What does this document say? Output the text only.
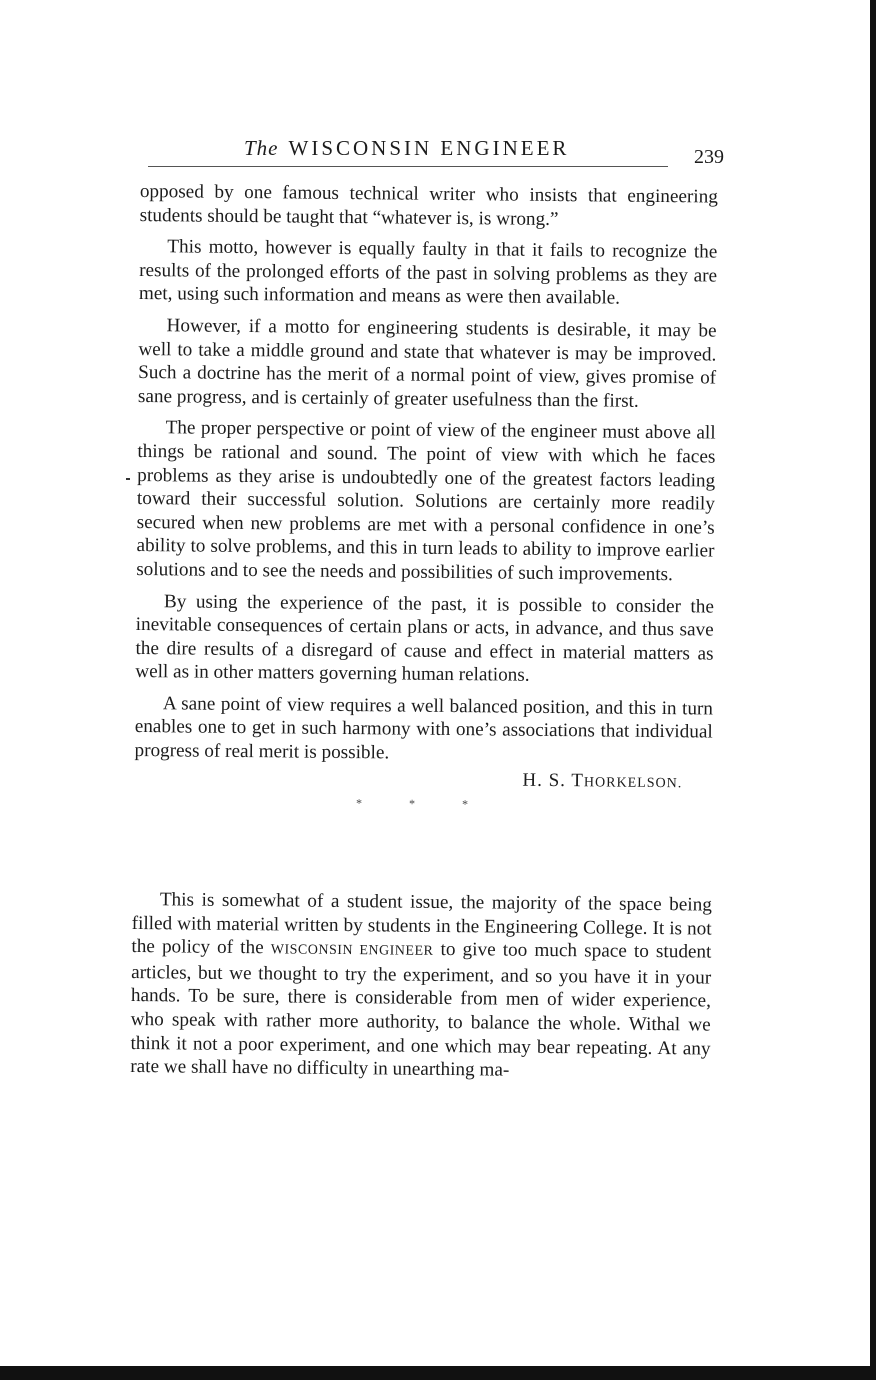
The WISCONSIN ENGINEER	239

opposed by one famous technical writer who insists that engineering students should be taught that “whatever is, is wrong.”

This motto, however is equally faulty in that it fails to recognize the results of the prolonged efforts of the past in solving problems as they are met, using such information and means as were then available.

However, if a motto for engineering students is desirable, it may be well to take a middle ground and state that whatever is may be improved. Such a doctrine has the merit of a normal point of view, gives promise of sane progress, and is certainly of greater usefulness than the first.

The proper perspective or point of view of the engineer must above all things be rational and sound. The point of view with which he faces problems as they arise is undoubtedly one of the greatest factors leading toward their successful solution. Solutions are certainly more readily secured when new problems are met with a personal confidence in one’s ability to solve problems, and this in turn leads to ability to improve earlier solutions and to see the needs and possibilities of such improvements.

By using the experience of the past, it is possible to consider the inevitable consequences of certain plans or acts, in advance, and thus save the dire results of a disregard of cause and effect in material matters as well as in other matters governing human relations.

A sane point of view requires a well balanced position, and this in turn enables one to get in such harmony with one’s associations that individual progress of real merit is possible.

H. S. THORKELSON.
* * *

This is somewhat of a student issue, the majority of the space being filled with material written by students in the Engineering College. It is not the policy of the WISCONSIN ENGINEER to give too much space to student articles, but we thought to try the experiment, and so you have it in your hands. To be sure, there is considerable from men of wider experience, who speak with rather more authority, to balance the whole. Withal we think it not a poor experiment, and one which may bear repeating. At any rate we shall have no difficulty in unearthing ma-
